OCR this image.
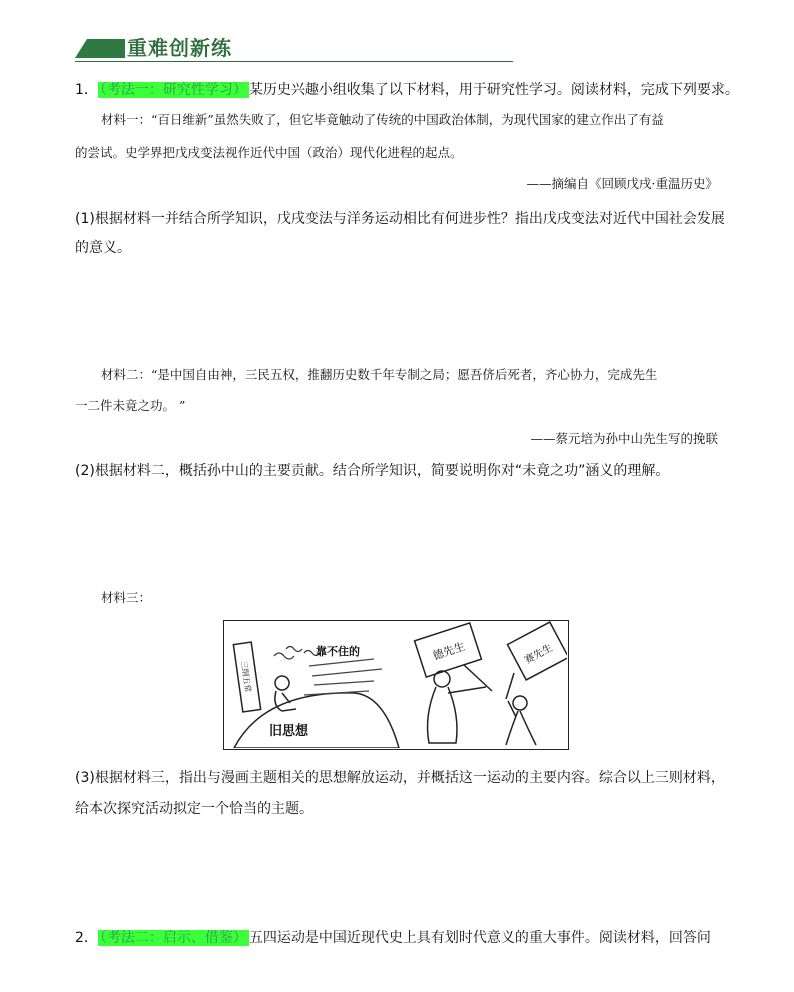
重难创新练
1． （考法一：研究性学习） 某历史兴趣小组收集了以下材料，用于研究性学习。阅读材料，完成下列要求。
材料一：“百日维新”虽然失败了，但它毕竟触动了传统的中国政治体制，为现代国家的建立作出了有益
的尝试。史学界把戊戌变法视作近代中国（政治）现代化进程的起点。
——摘编自《回顾戊戌·重温历史》
(1)根据材料一并结合所学知识，戊戌变法与洋务运动相比有何进步性？指出戊戌变法对近代中国社会发展
的意义。
材料二：“是中国自由神，三民五权，推翻历史数千年专制之局；愿吾侪后死者，齐心协力，完成先生
一二件未竟之功。 ”
——蔡元培为孙中山先生写的挽联
(2)根据材料二，概括孙中山的主要贡献。结合所学知识，简要说明你对“未竟之功”涵义的理解。
材料三：
三纲五常
靠不住的
旧思想
德先生	赛先生
(3)根据材料三，指出与漫画主题相关的思想解放运动，并概括这一运动的主要内容。综合以上三则材料，
给本次探究活动拟定一个恰当的主题。
2． （考法二：启示、借鉴） 五四运动是中国近现代史上具有划时代意义的重大事件。阅读材料，回答问
